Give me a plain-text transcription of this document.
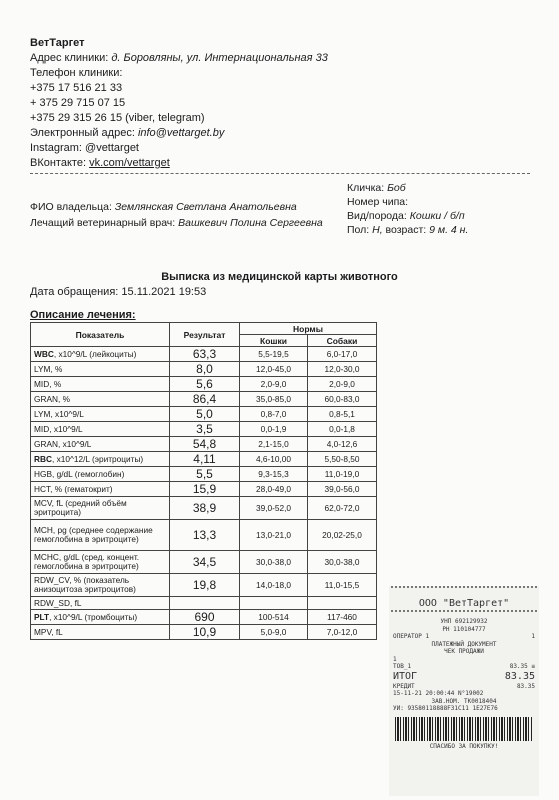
ВетТаргет
Адрес клиники: д. Боровляны, ул. Интернациональная 33
Телефон клиники:
+375 17 516 21 33
+ 375 29 715 07 15
+375 29 315 26 15 (viber, telegram)
Электронный адрес: info@vettarget.by
Instagram: @vettarget
ВКонтакте: vk.com/vettarget
Кличка: Боб
Номер чипа:
Вид/порода: Кошки / б/п
Пол: Н, возраст: 9 м. 4 н.
ФИО владельца: Землянская Светлана Анатольевна
Лечащий ветеринарный врач: Вашкевич Полина Сергеевна
Выписка из медицинской карты животного
Дата обращения: 15.11.2021 19:53
Описание лечения:
Показатель	Результат	Нормы	
		Кошки	Собаки
WBC, x10^9/L (лейкоциты)	63,3	5,5-19,5	6,0-17,0
LYM, %	8,0	12,0-45,0	12,0-30,0
MID, %	5,6	2,0-9,0	2,0-9,0
GRAN, %	86,4	35,0-85,0	60,0-83,0
LYM, x10^9/L	5,0	0,8-7,0	0,8-5,1
MID, x10^9/L	3,5	0,0-1,9	0,0-1,8
GRAN, x10^9/L	54,8	2,1-15,0	4,0-12,6
RBC, x10^12/L (эритроциты)	4,11	4,6-10,00	5,50-8,50
HGB, g/dL (гемоглобин)	5,5	9,3-15,3	11,0-19,0
HCT, % (гематокрит)	15,9	28,0-49,0	39,0-56,0
MCV, fL (средний объём эритроцита)	38,9	39,0-52,0	62,0-72,0
MCH, pg (среднее содержание гемоглобина в эритроците)	13,3	13,0-21,0	20,02-25,0
MCHC, g/dL (сред. концент. гемоглобина в эритроците)	34,5	30,0-38,0	30,0-38,0
RDW_CV, % (показатель анизоцитоза эритроцитов)	19,8	14,0-18,0	11,0-15,5
RDW_SD, fL			
PLT, x10^9/L (тромбоциты)	690	100-514	117-460
MPV, fL	10,9	5,0-9,0	7,0-12,0
ООО "ВетТаргет"
УНП 692129932
РН 110104777
ОПЕРАТОР 1	1
ПЛАТЕЖНЫЙ ДОКУМЕНТ
ЧЕК ПРОДАЖИ
1
ТОВ_1	83.35 ≡
ИТОГ	83.35
КРЕДИТ	83.35
15-11-21 20:00:44 N°19002
ЗАВ.НОМ. ТК0018404
УИ: 93580118888F31C11 1E27E76
СПАСИБО ЗА ПОКУПКУ!
